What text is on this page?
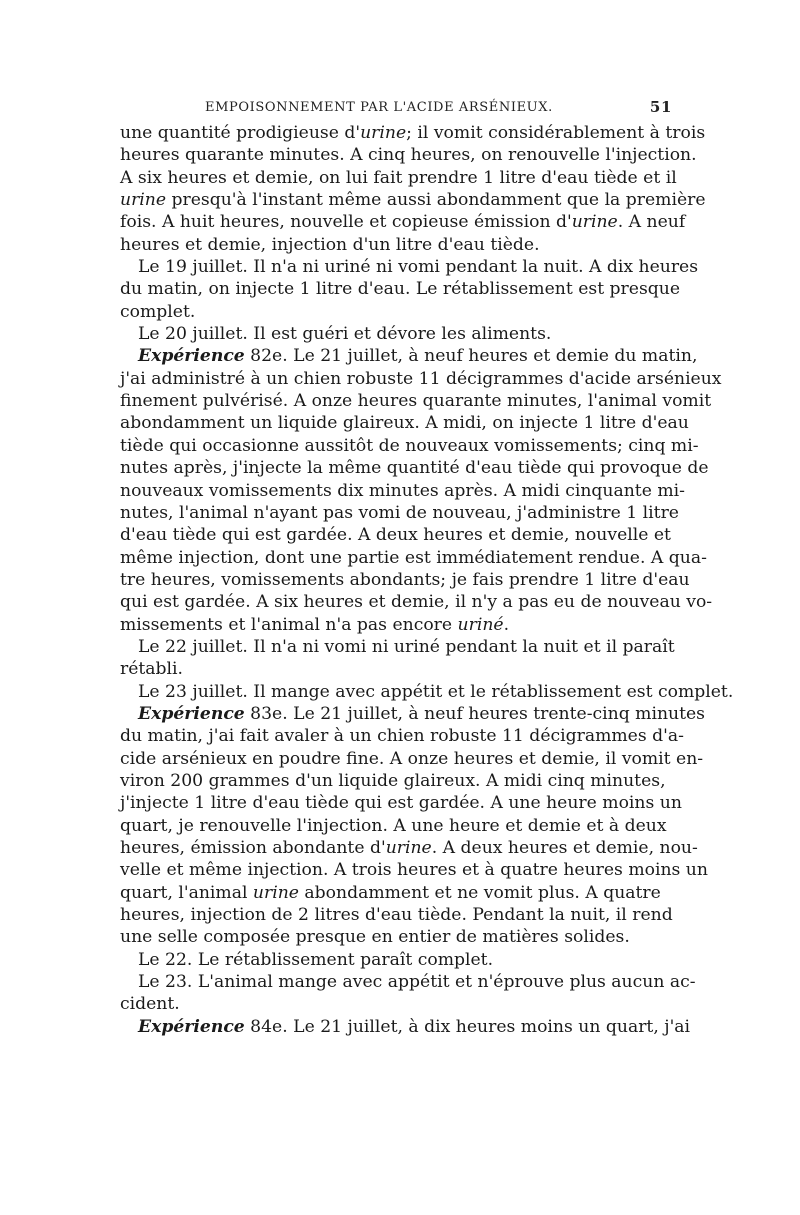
EMPOISONNEMENT PAR L'ACIDE ARSÉNIEUX.	51
une quantité prodigieuse d'urine; il vomit considérablement à trois
heures quarante minutes. A cinq heures, on renouvelle l'injection.
A six heures et demie, on lui fait prendre 1 litre d'eau tiède et il
urine presqu'à l'instant même aussi abondamment que la première
fois. A huit heures, nouvelle et copieuse émission d'urine. A neuf
heures et demie, injection d'un litre d'eau tiède.
Le 19 juillet. Il n'a ni uriné ni vomi pendant la nuit. A dix heures
du matin, on injecte 1 litre d'eau. Le rétablissement est presque
complet.
Le 20 juillet. Il est guéri et dévore les aliments.
Expérience 82e. Le 21 juillet, à neuf heures et demie du matin,
j'ai administré à un chien robuste 11 décigrammes d'acide arsénieux
finement pulvérisé. A onze heures quarante minutes, l'animal vomit
abondamment un liquide glaireux. A midi, on injecte 1 litre d'eau
tiède qui occasionne aussitôt de nouveaux vomissements; cinq mi-
nutes après, j'injecte la même quantité d'eau tiède qui provoque de
nouveaux vomissements dix minutes après. A midi cinquante mi-
nutes, l'animal n'ayant pas vomi de nouveau, j'administre 1 litre
d'eau tiède qui est gardée. A deux heures et demie, nouvelle et
même injection, dont une partie est immédiatement rendue. A qua-
tre heures, vomissements abondants; je fais prendre 1 litre d'eau
qui est gardée. A six heures et demie, il n'y a pas eu de nouveau vo-
missements et l'animal n'a pas encore uriné.
Le 22 juillet. Il n'a ni vomi ni uriné pendant la nuit et il paraît
rétabli.
Le 23 juillet. Il mange avec appétit et le rétablissement est complet.
Expérience 83e. Le 21 juillet, à neuf heures trente-cinq minutes
du matin, j'ai fait avaler à un chien robuste 11 décigrammes d'a-
cide arsénieux en poudre fine. A onze heures et demie, il vomit en-
viron 200 grammes d'un liquide glaireux. A midi cinq minutes,
j'injecte 1 litre d'eau tiède qui est gardée. A une heure moins un
quart, je renouvelle l'injection. A une heure et demie et à deux
heures, émission abondante d'urine. A deux heures et demie, nou-
velle et même injection. A trois heures et à quatre heures moins un
quart, l'animal urine abondamment et ne vomit plus. A quatre
heures, injection de 2 litres d'eau tiède. Pendant la nuit, il rend
une selle composée presque en entier de matières solides.
Le 22. Le rétablissement paraît complet.
Le 23. L'animal mange avec appétit et n'éprouve plus aucun ac-
cident.
Expérience 84e. Le 21 juillet, à dix heures moins un quart, j'ai
